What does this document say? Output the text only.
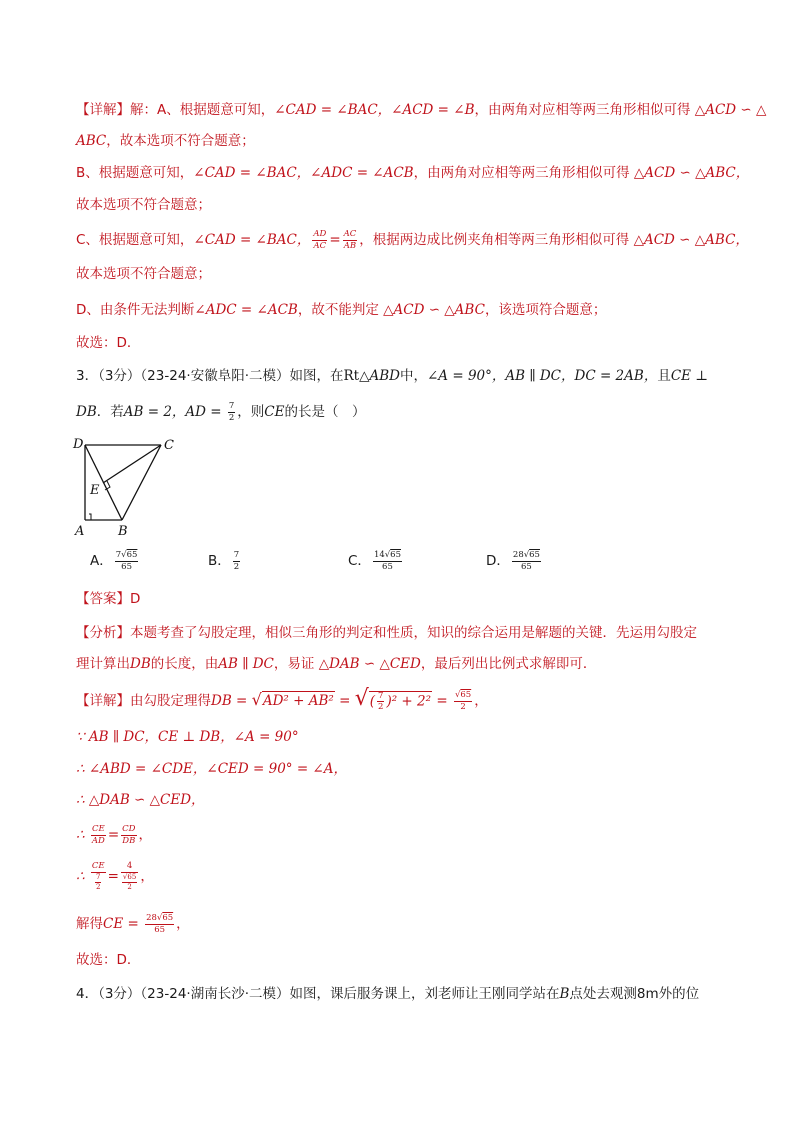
【详解】解：A、根据题意可知，∠CAD = ∠BAC，∠ACD = ∠B，由两角对应相等两三角形相似可得 △ACD ∽ △
ABC，故本选项不符合题意；
B、根据题意可知，∠CAD = ∠BAC，∠ADC = ∠ACB，由两角对应相等两三角形相似可得 △ACD ∽ △ABC，
故本选项不符合题意；
C、根据题意可知，∠CAD = ∠BAC， $\frac{AD}{AC} = \frac{AC}{AB}$ ，根据两边成比例夹角相等两三角形相似可得 △ACD ∽ △ABC，
故本选项不符合题意；
D、由条件无法判断∠ADC = ∠ACB，故不能判定 △ACD ∽ △ABC，该选项符合题意；
故选：D．
3．（3分）（23-24·安徽阜阳·二模）如图，在Rt△ABD中，∠A = 90°，AB ∥ DC，DC = 2AB，且CE ⊥
DB．若AB = 2，AD = $\frac{7}{2}$ ，则CE的长是（　）
D	C
E
A	B
A． $\frac{7√65}{65}$	B． $\frac{7}{2}$	C． $\frac{14√65}{65}$	D． $\frac{28√65}{65}$
【答案】D
【分析】本题考查了勾股定理，相似三角形的判定和性质，知识的综合运用是解题的关键．先运用勾股定
理计算出DB的长度，由AB ∥ DC，易证 △DAB ∽ △CED，最后列出比例式求解即可．
【详解】由勾股定理得DB = √AD² + AB² = √( $\frac{7}{2} )^2 + 2^2 = \frac{√65}{2}$ ，
∵ AB ∥ DC，CE ⊥ DB，∠A = 90°
∴ ∠ABD = ∠CDE，∠CED = 90° = ∠A，
∴ △DAB ∽ △CED，
∴ $\frac{CE}{AD} = \frac{CD}{DB}$ ，
∴ $\frac{CE}{\frac{7}{2}} = \frac{4}{\frac{√65}{2}}$ ，
解得CE = $\frac{28√65}{65}$ ，
故选：D．
4．（3分）（23-24·湖南长沙·二模）如图，课后服务课上，刘老师让王刚同学站在B点处去观测8m外的位
